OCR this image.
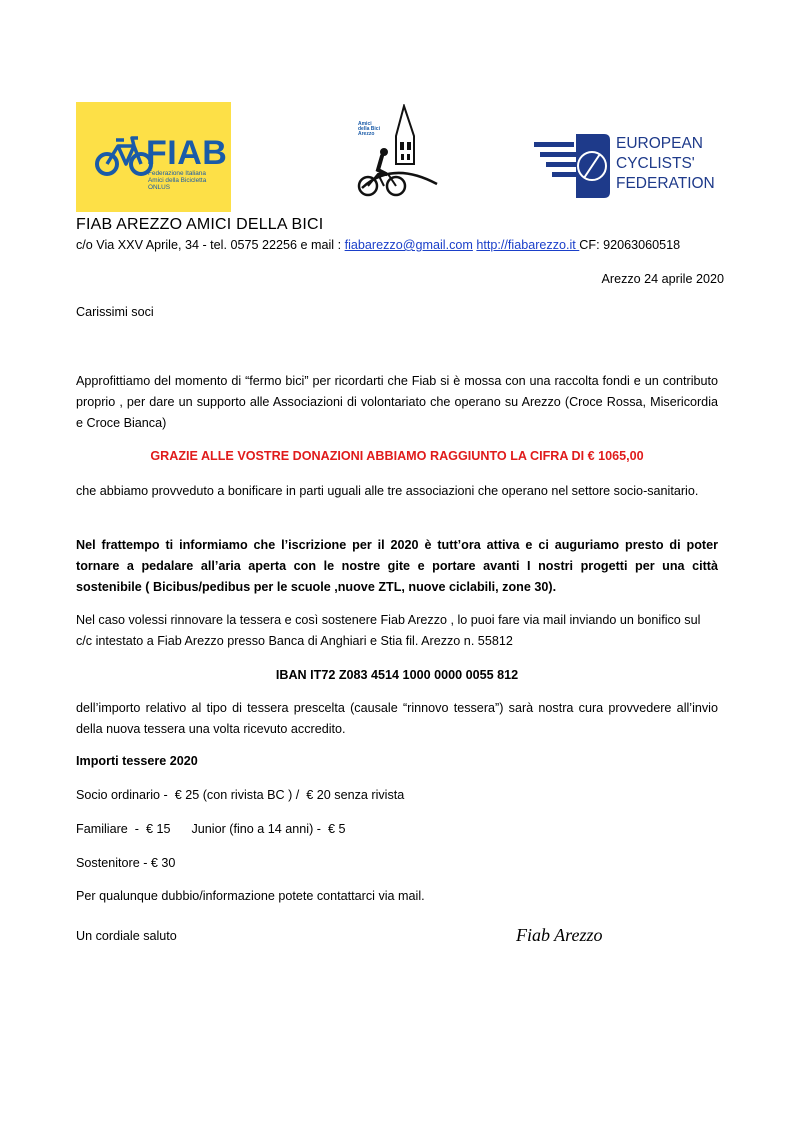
FIAB
Federazione Italiana
Amici della Bicicletta
ONLUS
Amici
della Bici
Arezzo
EUROPEAN
CYCLISTS'
FEDERATION
FIAB AREZZO AMICI DELLA BICI
c/o Via XXV Aprile, 34 - tel. 0575 22256 e mail : fiabarezzo@gmail.com http://fiabarezzo.it CF: 92063060518
Arezzo 24 aprile 2020
Carissimi soci
Approfittiamo del momento di “fermo bici” per ricordarti che Fiab si è mossa con una raccolta fondi e un contributo proprio , per dare un supporto alle Associazioni di volontariato che operano su Arezzo (Croce Rossa, Misericordia e Croce Bianca)
GRAZIE ALLE VOSTRE DONAZIONI ABBIAMO RAGGIUNTO LA CIFRA DI € 1065,00
che abbiamo provveduto a bonificare in parti uguali alle tre associazioni che operano nel settore socio-sanitario.
Nel frattempo ti informiamo che l’iscrizione per il 2020 è tutt’ora attiva e ci auguriamo presto di poter tornare a pedalare all’aria aperta con le nostre gite e portare avanti I nostri progetti per una città sostenibile ( Bicibus/pedibus per le scuole ,nuove ZTL, nuove ciclabili, zone 30).
Nel caso volessi rinnovare la tessera e così sostenere Fiab Arezzo , lo puoi fare via mail inviando un bonifico sul c/c intestato a Fiab Arezzo presso Banca di Anghiari e Stia fil. Arezzo n. 55812
IBAN IT72 Z083 4514 1000 0000 0055 812
dell’importo relativo al tipo di tessera prescelta (causale “rinnovo tessera”) sarà nostra cura provvedere all’invio della nuova tessera una volta ricevuto accredito.
Importi tessere 2020
Socio ordinario -  € 25 (con rivista BC ) /  € 20 senza rivista
Familiare  -  € 15      Junior (fino a 14 anni) -  € 5
Sostenitore - € 30
Per qualunque dubbio/informazione potete contattarci via mail.
Un cordiale saluto	Fiab Arezzo
